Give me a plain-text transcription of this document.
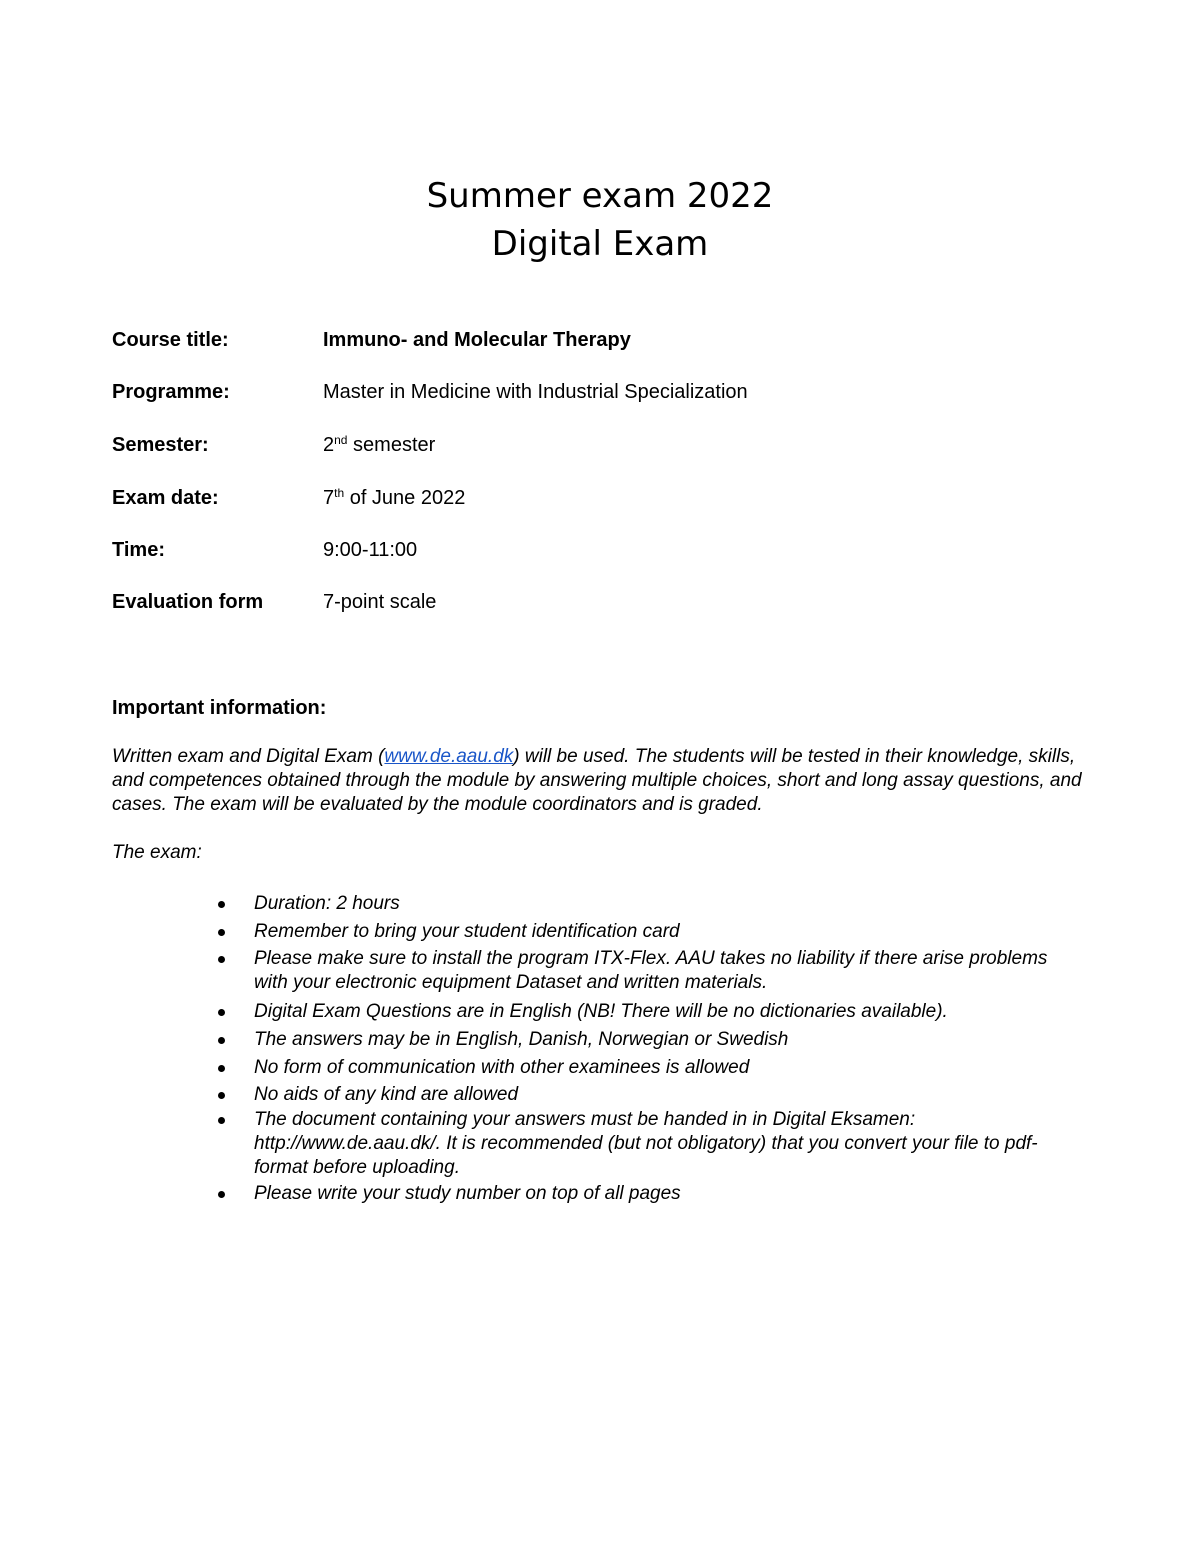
Summer exam 2022
Digital Exam
Course title:	Immuno- and Molecular Therapy
Programme:	Master in Medicine with Industrial Specialization
Semester:	2nd semester
Exam date:	7th of June 2022
Time:	9:00-11:00
Evaluation form	7-point scale
Important information:
Written exam and Digital Exam (www.de.aau.dk) will be used. The students will be tested in their knowledge, skills, and competences obtained through the module by answering multiple choices, short and long assay questions, and cases. The exam will be evaluated by the module coordinators and is graded.
The exam:
Duration: 2 hours
Remember to bring your student identification card
Please make sure to install the program ITX-Flex. AAU takes no liability if there arise problems with your electronic equipment Dataset and written materials.
Digital Exam Questions are in English (NB! There will be no dictionaries available).
The answers may be in English, Danish, Norwegian or Swedish
No form of communication with other examinees is allowed
No aids of any kind are allowed
The document containing your answers must be handed in in Digital Eksamen: http://www.de.aau.dk/. It is recommended (but not obligatory) that you convert your file to pdf-format before uploading.
Please write your study number on top of all pages
